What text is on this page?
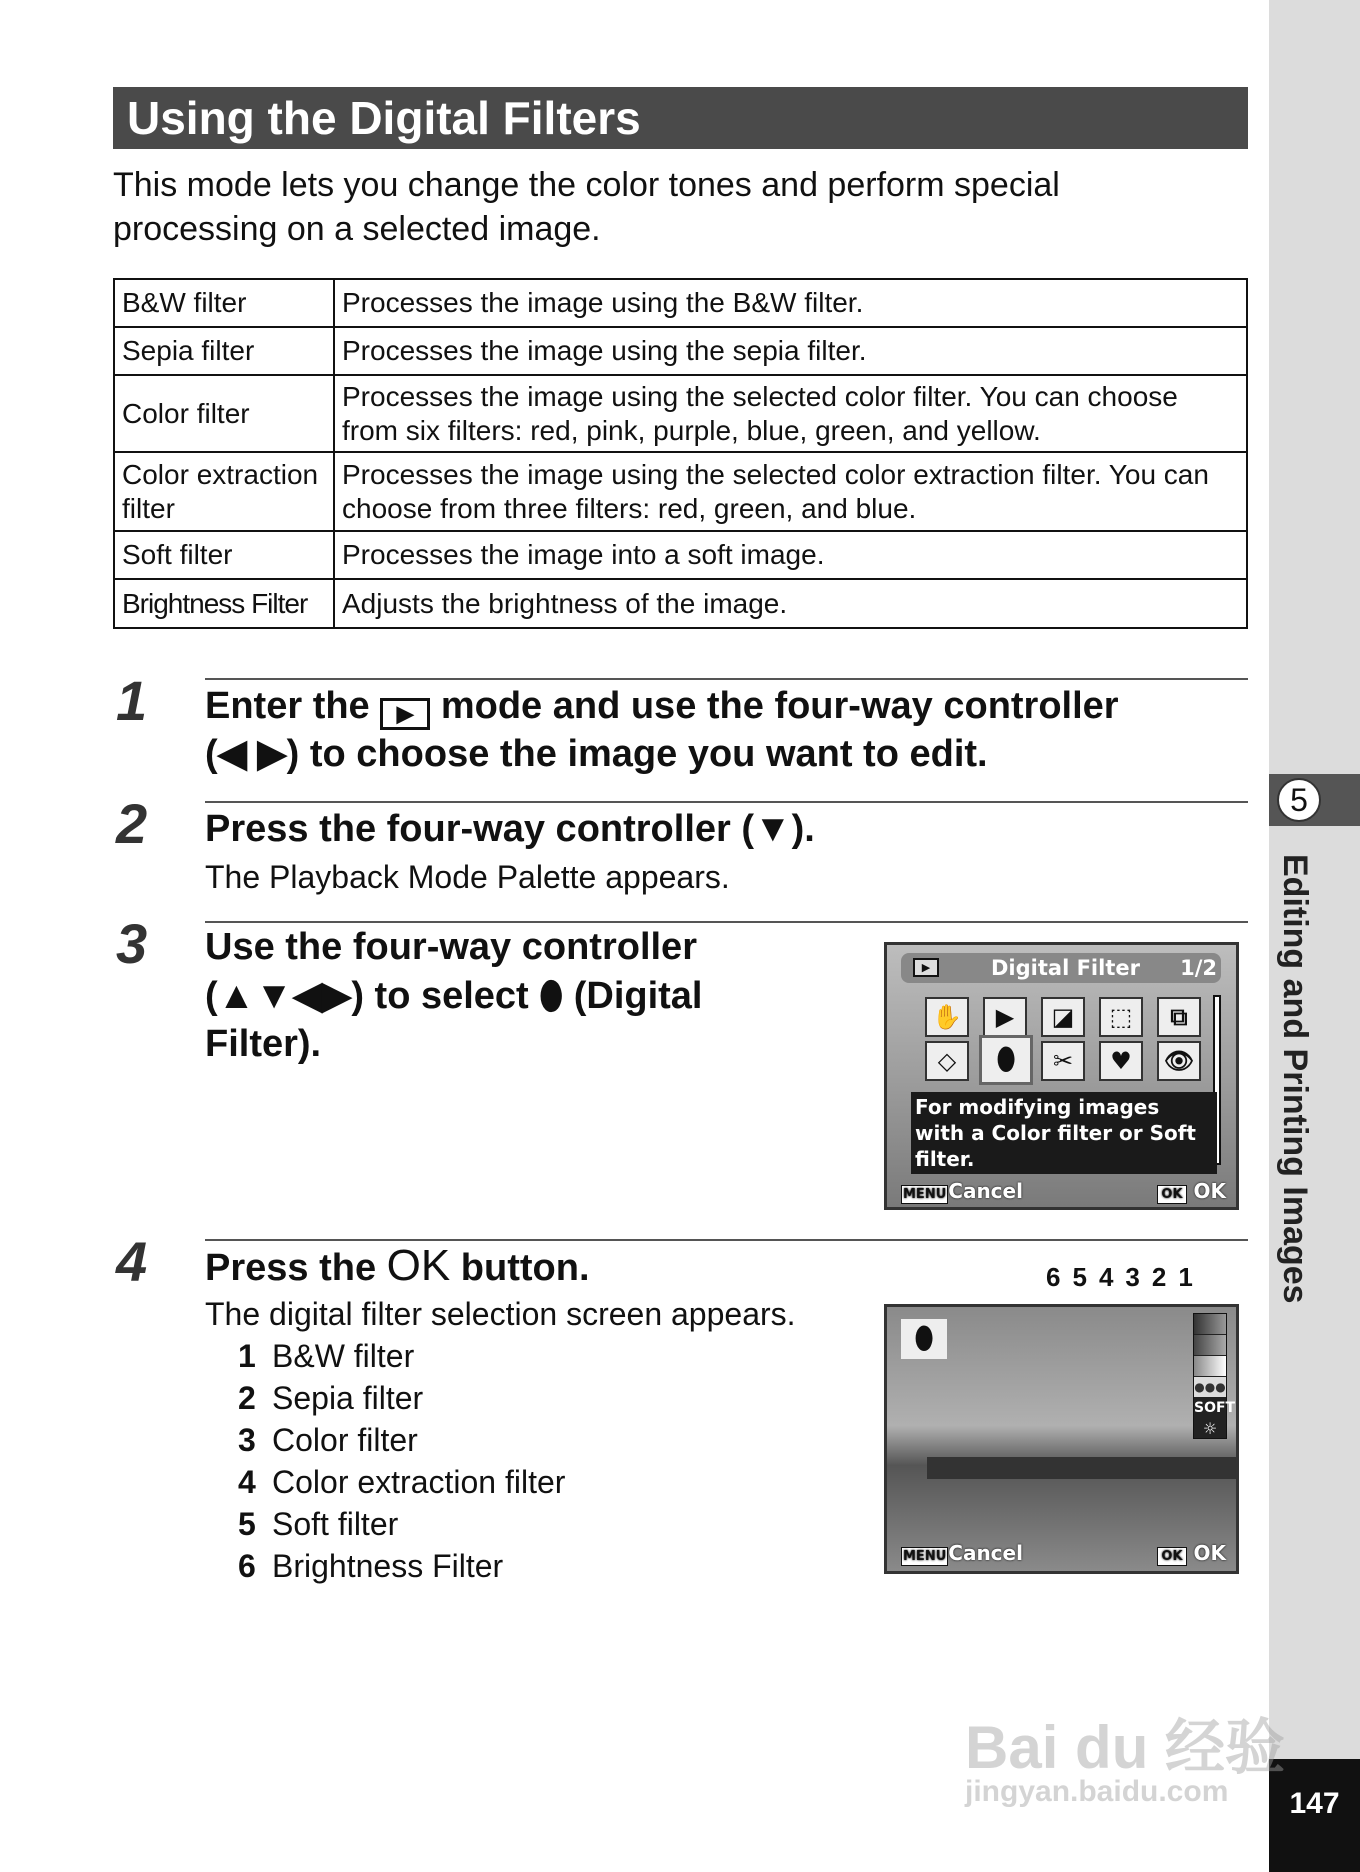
5
Editing and Printing Images
147
Using the Digital Filters
This mode lets you change the color tones and perform special
processing on a selected image.
B&W filter	Processes the image using the B&W filter.
Sepia filter	Processes the image using the sepia filter.
Color filter	Processes the image using the selected color filter. You can choose from six filters: red, pink, purple, blue, green, and yellow.
Color extraction filter	Processes the image using the selected color extraction filter. You can choose from three filters: red, green, and blue.
Soft filter	Processes the image into a soft image.
Brightness Filter	Adjusts the brightness of the image.
1 Enter the ▶ mode and use the four-way controller
(◀ ▶) to choose the image you want to edit.
2 Press the four-way controller (▼).
The Playback Mode Palette appears.
3 Use the four-way controller
(▲▼◀▶) to select ⬮ (Digital
Filter).
▶	Digital Filter 1/2
✋	▶	◪	⬚	⧉
◇	⬮	✂	♥	👁
For modifying images with a Color filter or Soft filter.
MENU Cancel	OK OK
4 Press the OK button.
The digital filter selection screen appears.
1 B&W filter
2 Sepia filter
3 Color filter
4 Color extraction filter
5 Soft filter
6 Brightness Filter
654321
⬮
●●●
SOFT
☼
MENU Cancel	OK OK
Bai du 经验
jingyan.baidu.com
